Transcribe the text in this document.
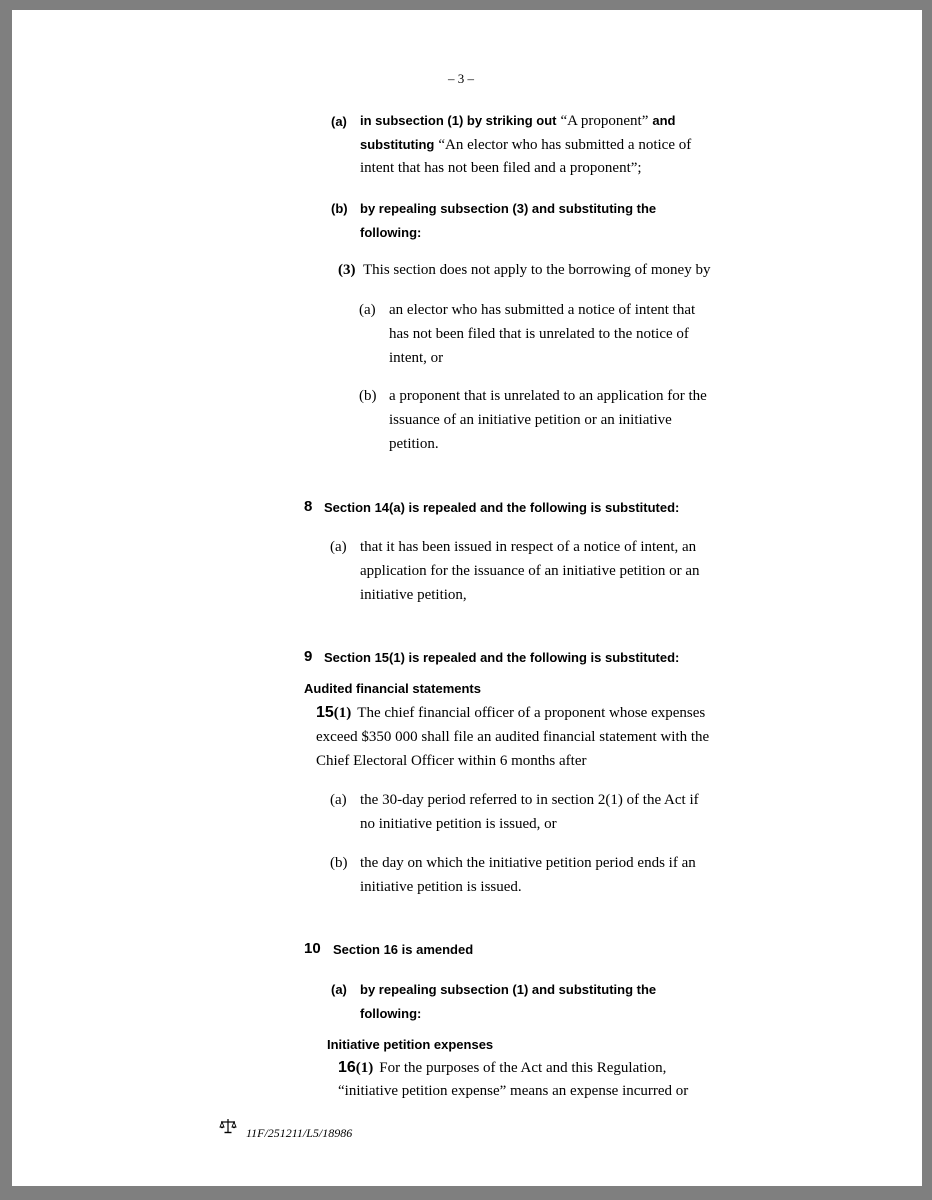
– 3 –
(a) in subsection (1) by striking out “A proponent” and
substituting “An elector who has submitted a notice of
intent that has not been filed and a proponent”;
(b) by repealing subsection (3) and substituting the
following:
(3) This section does not apply to the borrowing of money by
(a) an elector who has submitted a notice of intent that
has not been filed that is unrelated to the notice of
intent, or
(b) a proponent that is unrelated to an application for the
issuance of an initiative petition or an initiative
petition.
8 Section 14(a) is repealed and the following is substituted:
(a) that it has been issued in respect of a notice of intent, an
application for the issuance of an initiative petition or an
initiative petition,
9 Section 15(1) is repealed and the following is substituted:
Audited financial statements
15(1) The chief financial officer of a proponent whose expenses
exceed $350 000 shall file an audited financial statement with the
Chief Electoral Officer within 6 months after
(a) the 30-day period referred to in section 2(1) of the Act if
no initiative petition is issued, or
(b) the day on which the initiative petition period ends if an
initiative petition is issued.
10 Section 16 is amended
(a) by repealing subsection (1) and substituting the
following:
Initiative petition expenses
16(1) For the purposes of the Act and this Regulation,
“initiative petition expense” means an expense incurred or
11F/251211/L5/18986
